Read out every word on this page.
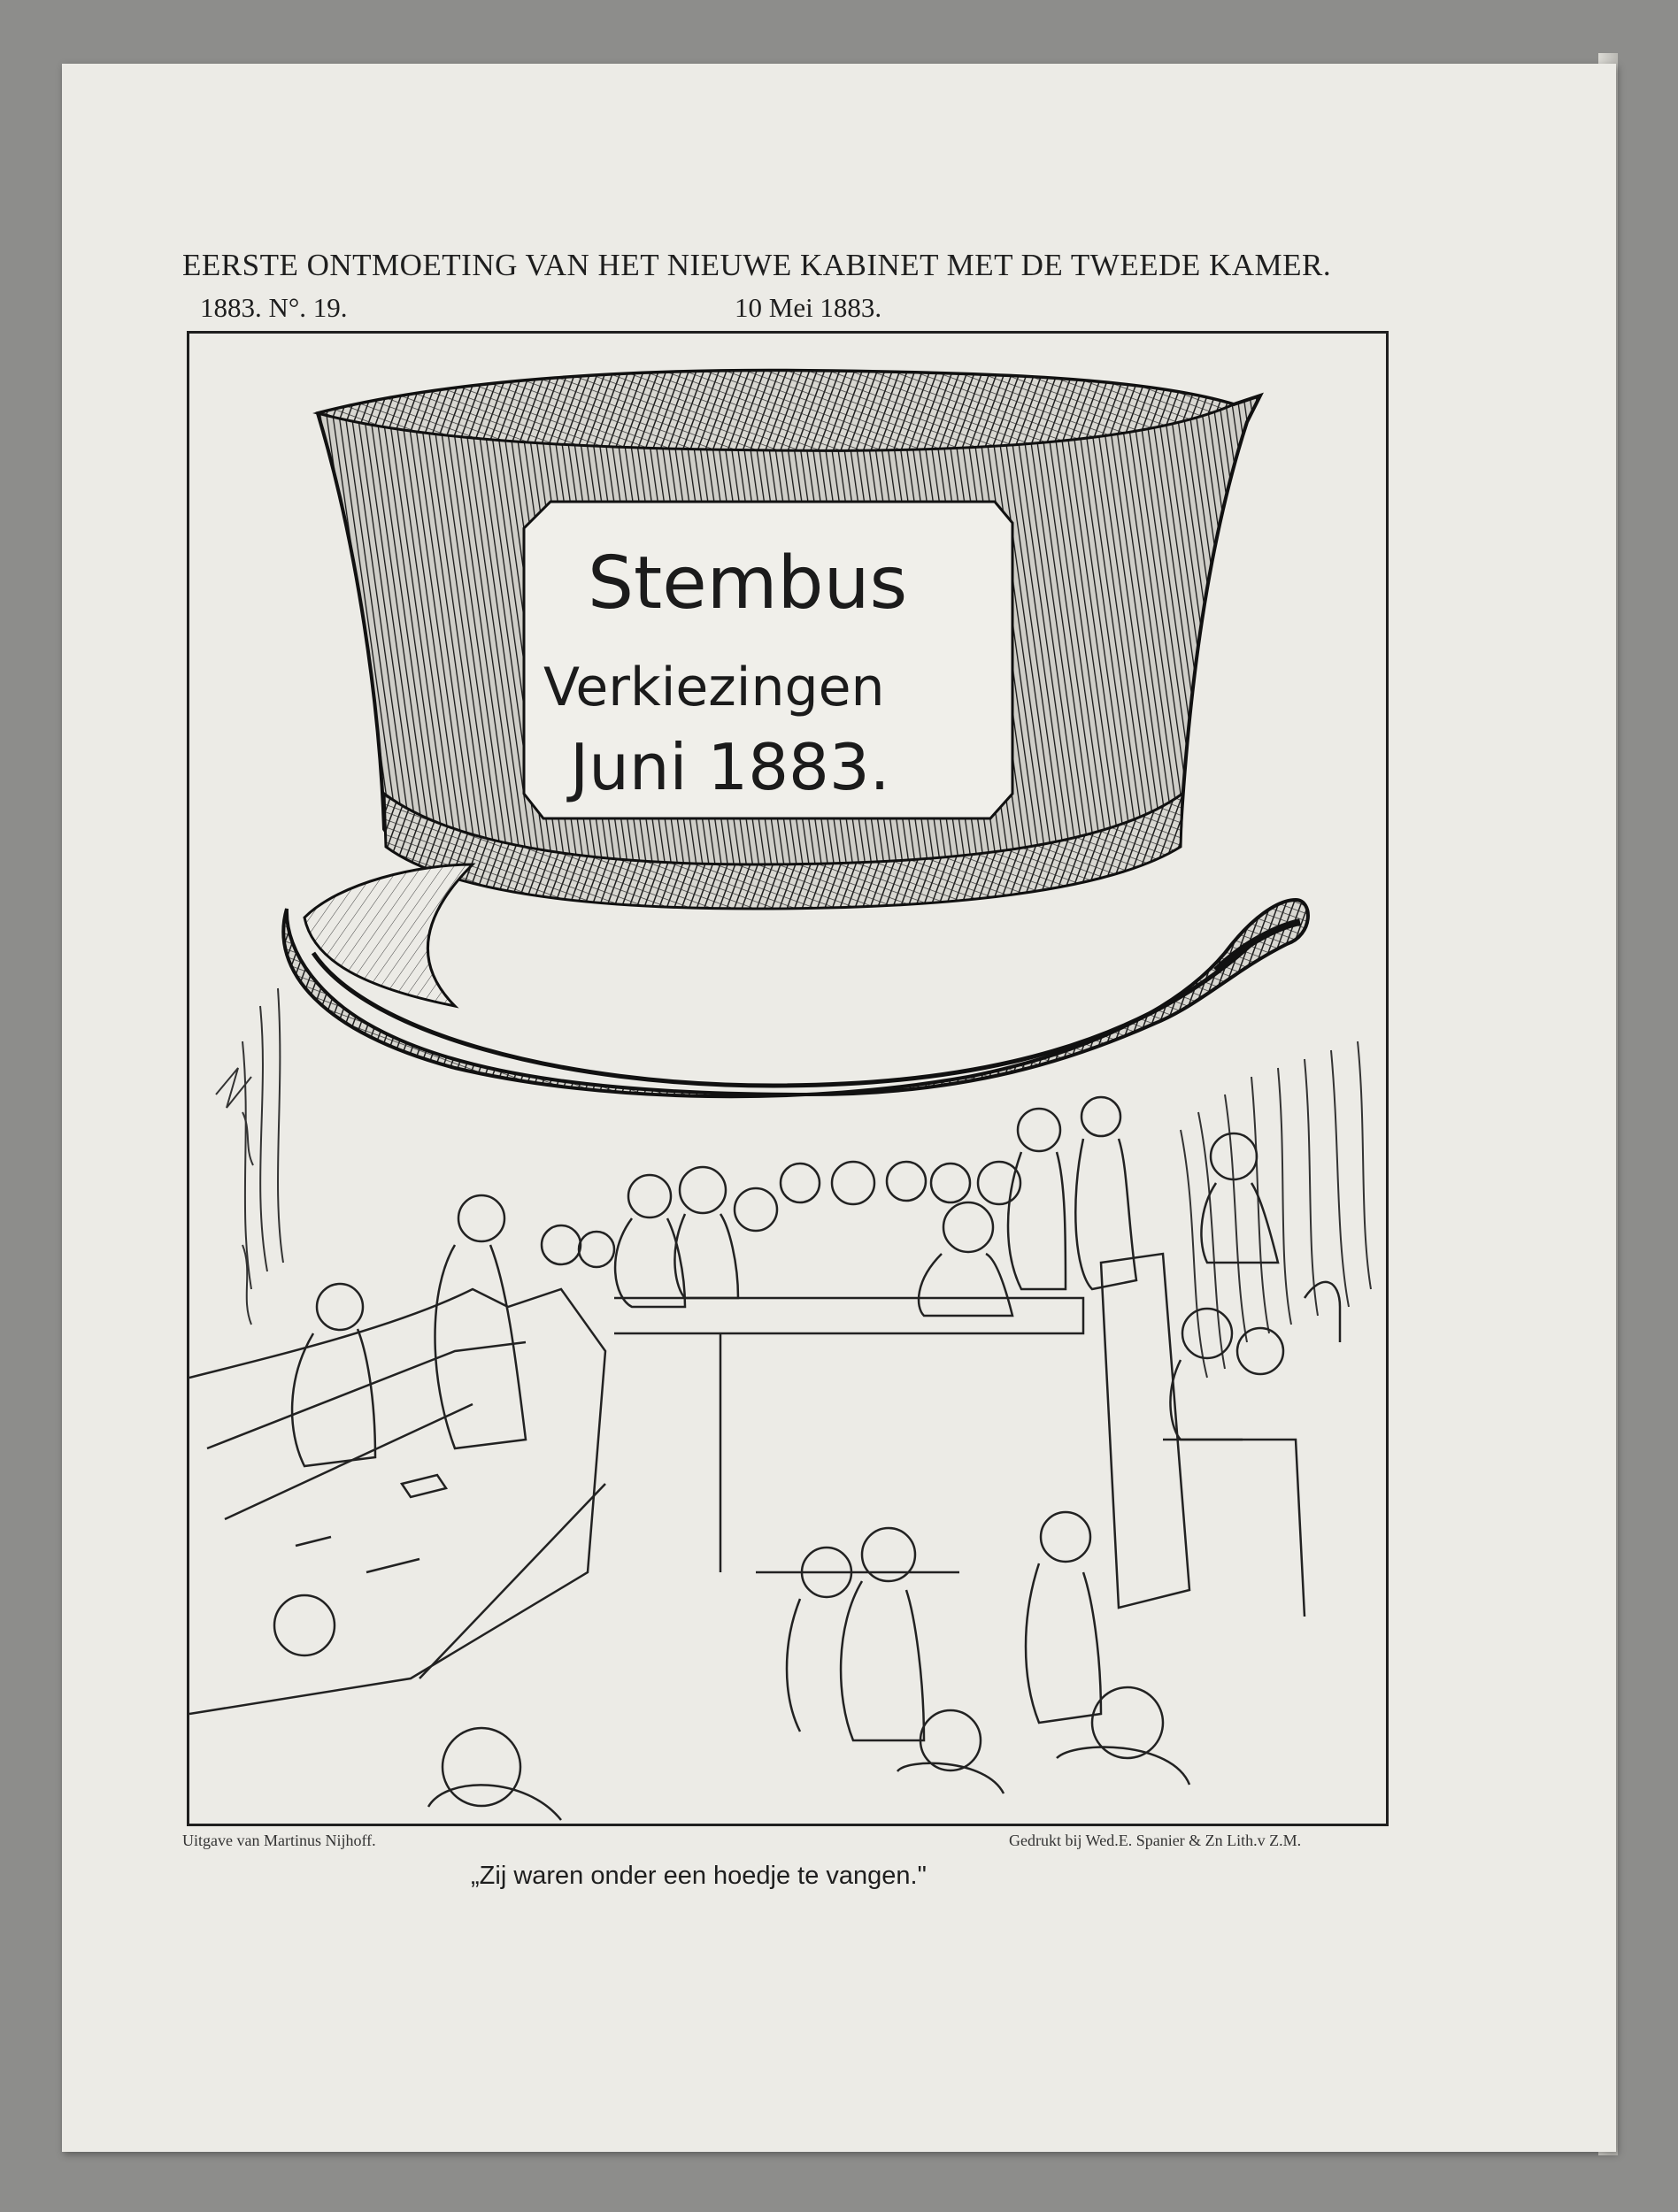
EERSTE ONTMOETING VAN HET NIEUWE KABINET MET DE TWEEDE KAMER.
1883. N°. 19.	10 Mei 1883.
Stembus
Verkiezingen
Juni 1883.
Uitgave van Martinus Nijhoff.	Gedrukt bij Wed.E. Spanier & Zn Lith.v Z.M.
„Zij waren onder een hoedje te vangen."
